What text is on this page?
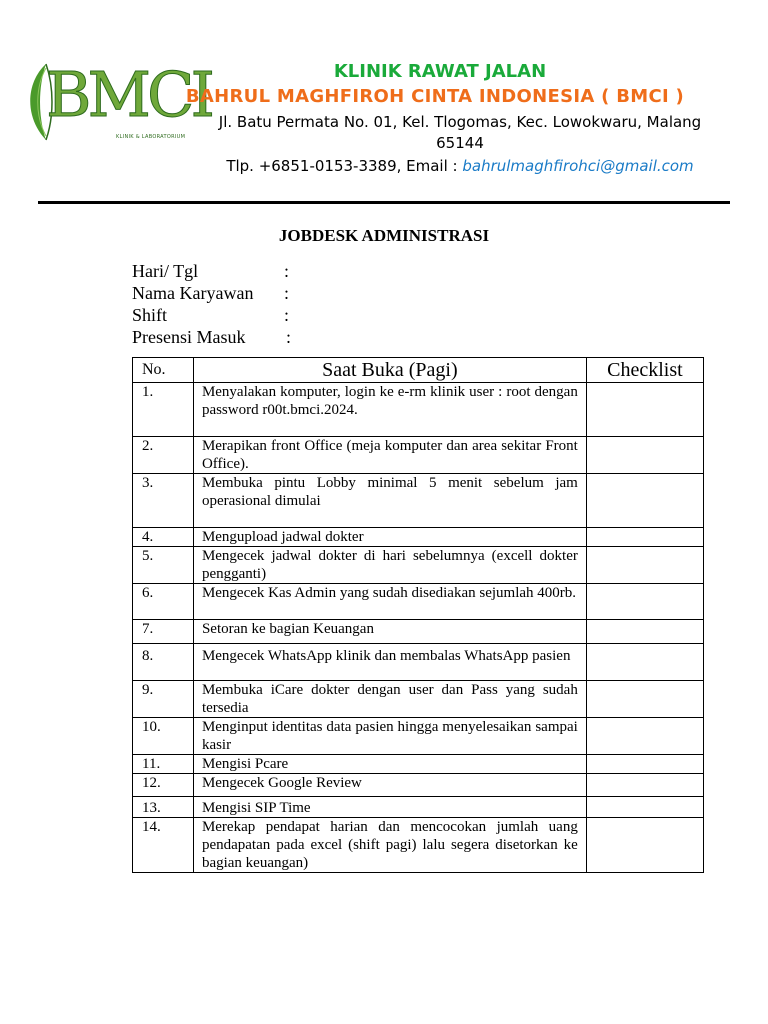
BMCI
KLINIK & LABORATORIUM
KLINIK RAWAT JALAN
BAHRUL MAGHFIROH CINTA INDONESIA ( BMCI )
Jl. Batu Permata No. 01, Kel. Tlogomas, Kec. Lowokwaru, Malang
65144
Tlp. +6851-0153-3389, Email : bahrulmaghfirohci@gmail.com
JOBDESK ADMINISTRASI
Hari/ Tgl	:
Nama Karyawan	:
Shift	:
Presensi Masuk	:
No.	Saat Buka (Pagi)	Checklist
1.	Menyalakan komputer, login ke e-rm klinik user : root dengan password r00t.bmci.2024.	
2.	Merapikan front Office (meja komputer dan area sekitar Front Office).	
3.	Membuka pintu Lobby minimal 5 menit sebelum jam operasional dimulai	
4.	Mengupload jadwal dokter	
5.	Mengecek jadwal dokter di hari sebelumnya (excell dokter pengganti)	
6.	Mengecek Kas Admin yang sudah disediakan sejumlah 400rb.	
7.	Setoran ke bagian Keuangan	
8.	Mengecek WhatsApp klinik dan membalas WhatsApp pasien	
9.	Membuka iCare dokter dengan user dan Pass yang sudah tersedia	
10.	Menginput identitas data pasien hingga menyelesaikan sampai kasir	
11.	Mengisi Pcare	
12.	Mengecek Google Review	
13.	Mengisi SIP Time	
14.	Merekap pendapat harian dan mencocokan jumlah uang pendapatan pada excel (shift pagi) lalu segera disetorkan ke bagian keuangan)	
